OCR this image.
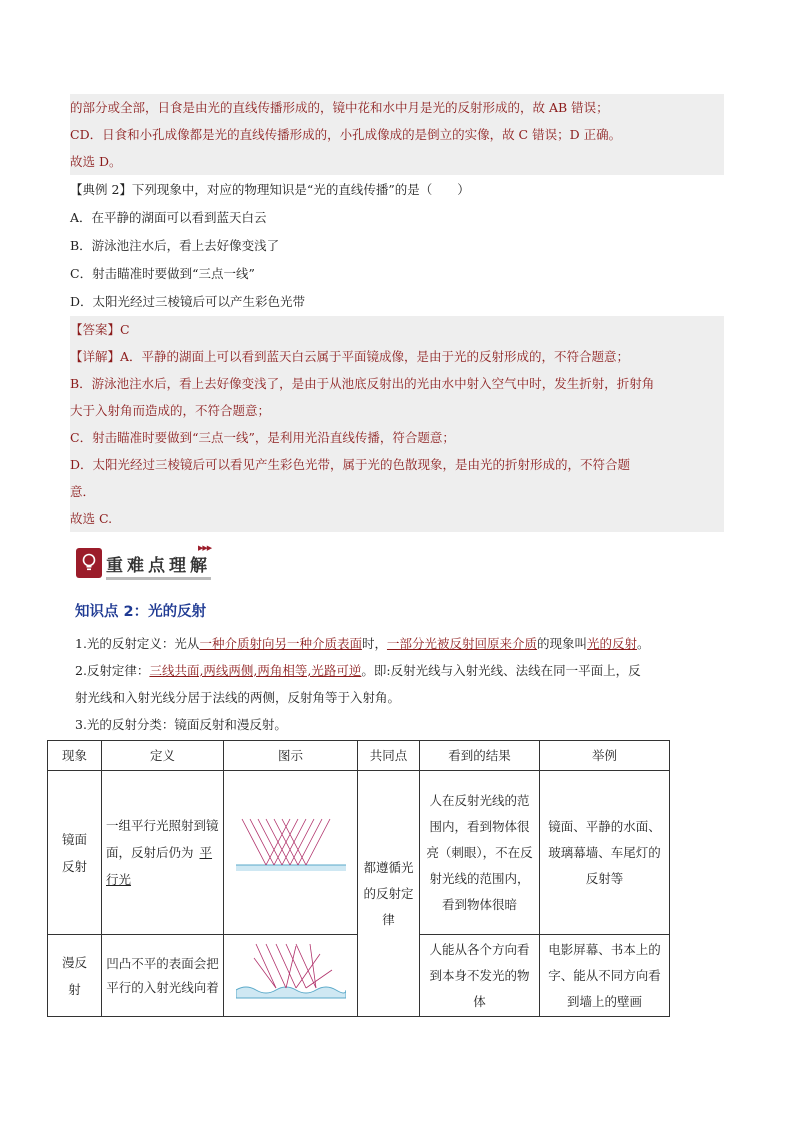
的部分或全部，日食是由光的直线传播形成的，镜中花和水中月是光的反射形成的，故 AB 错误；
CD．日食和小孔成像都是光的直线传播形成的，小孔成像成的是倒立的实像，故 C 错误；D 正确。
故选 D。
【典例 2】下列现象中，对应的物理知识是“光的直线传播”的是（　　）
A．在平静的湖面可以看到蓝天白云
B．游泳池注水后，看上去好像变浅了
C．射击瞄准时要做到“三点一线”
D．太阳光经过三棱镜后可以产生彩色光带
【答案】C
【详解】A．平静的湖面上可以看到蓝天白云属于平面镜成像，是由于光的反射形成的，不符合题意；
B．游泳池注水后，看上去好像变浅了，是由于从池底反射出的光由水中射入空气中时，发生折射，折射角
大于入射角而造成的，不符合题意；
C．射击瞄准时要做到“三点一线”，是利用光沿直线传播，符合题意；
D．太阳光经过三棱镜后可以看见产生彩色光带，属于光的色散现象，是由光的折射形成的，不符合题
意．
故选 C.
重难点理解
▶▶▶
知识点 2：光的反射
1.光的反射定义：光从一种介质射向另一种介质表面时，一部分光被反射回原来介质的现象叫光的反射。
2.反射定律：三线共面,两线两侧,两角相等,光路可逆。即:反射光线与入射光线、法线在同一平面上，反
射光线和入射光线分居于法线的两侧，反射角等于入射角。
3.光的反射分类：镜面反射和漫反射。
现象	定义	图示	共同点	看到的结果	举例
镜面
反射	一组平行光照射到镜面，反射后仍为 平行光		都遵循光的反射定律	人在反射光线的范围内，看到物体很亮（刺眼），不在反射光线的范围内，看到物体很暗	镜面、平静的水面、玻璃幕墙、车尾灯的反射等
漫反
射	凹凸不平的表面会把平行的入射光线向着			人能从各个方向看到本身不发光的物体	电影屏幕、书本上的字、能从不同方向看到墙上的壁画
